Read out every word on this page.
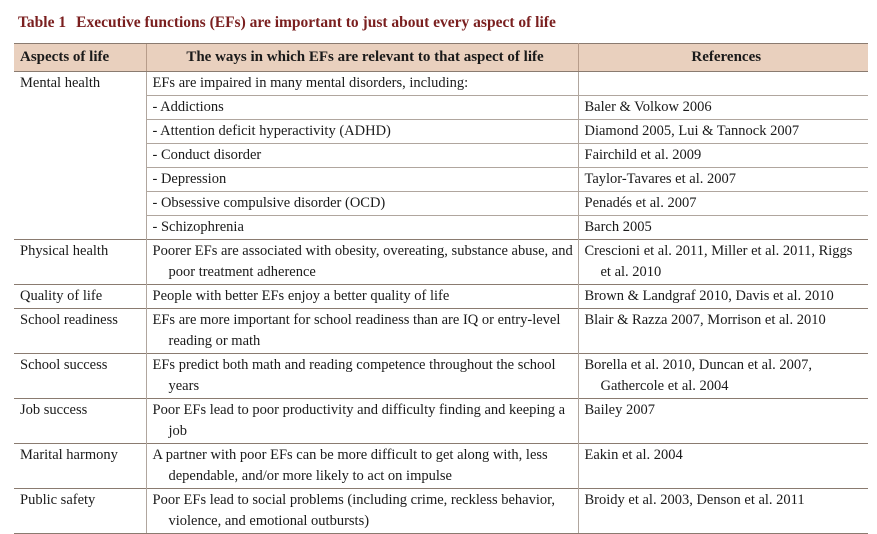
Table 1 Executive functions (EFs) are important to just about every aspect of life
Aspects of life	The ways in which EFs are relevant to that aspect of life	References
Mental health	EFs are impaired in many mental disorders, including:	
	- Addictions	Baler & Volkow 2006
	- Attention deficit hyperactivity (ADHD)	Diamond 2005, Lui & Tannock 2007
	- Conduct disorder	Fairchild et al. 2009
	- Depression	Taylor-Tavares et al. 2007
	- Obsessive compulsive disorder (OCD)	Penadés et al. 2007
	- Schizophrenia	Barch 2005
Physical health	Poorer EFs are associated with obesity, overeating, substance abuse, and poor treatment adherence	Crescioni et al. 2011, Miller et al. 2011, Riggs et al. 2010

Quality of life	People with better EFs enjoy a better quality of life	Brown & Landgraf 2010, Davis et al. 2010

School readiness	EFs are more important for school readiness than are IQ or entry-level reading or math	Blair & Razza 2007, Morrison et al. 2010

School success	EFs predict both math and reading competence throughout the school years	Borella et al. 2010, Duncan et al. 2007, Gathercole et al. 2004

Job success	Poor EFs lead to poor productivity and difficulty finding and keeping a job	Bailey 2007

Marital harmony	A partner with poor EFs can be more difficult to get along with, less dependable, and/or more likely to act on impulse	Eakin et al. 2004

Public safety	Poor EFs lead to social problems (including crime, reckless behavior, violence, and emotional outbursts)	Broidy et al. 2003, Denson et al. 2011
